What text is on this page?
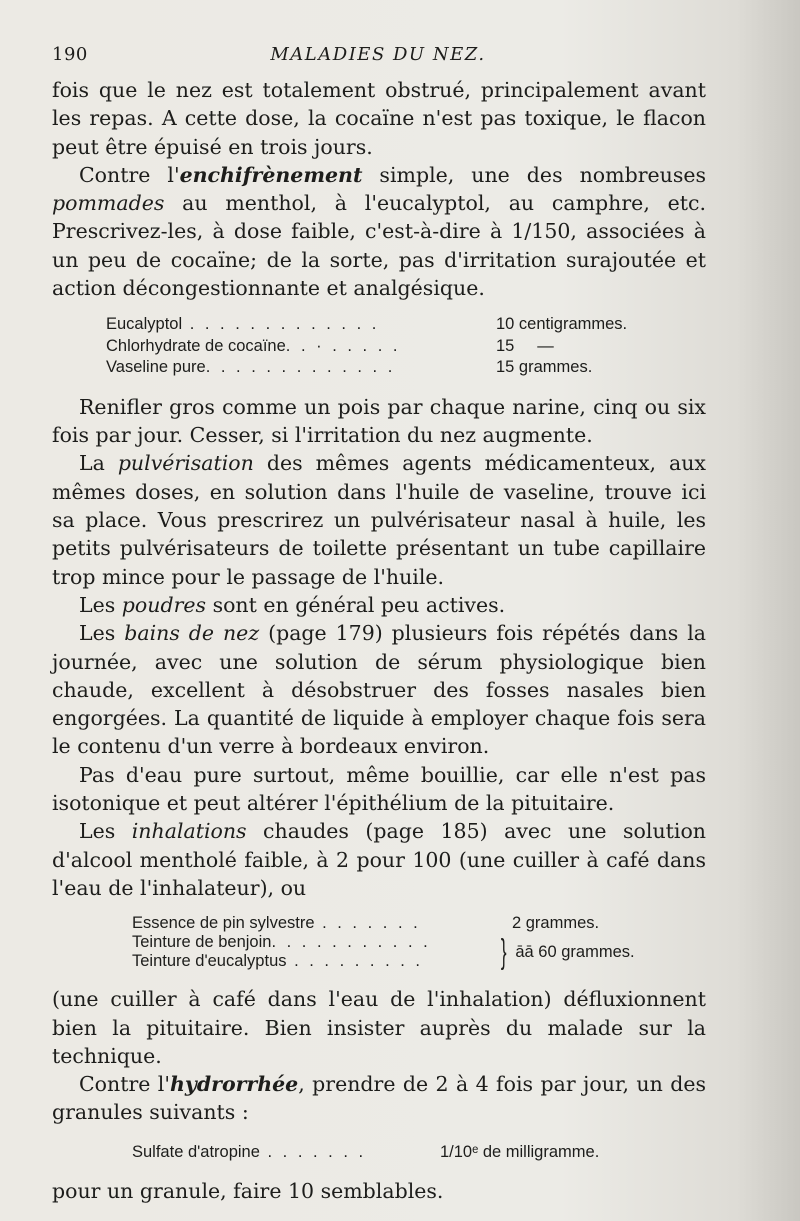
190	MALADIES DU NEZ.

fois que le nez est totalement obstrué, principalement avant les repas. A cette dose, la cocaïne n'est pas toxique, le flacon peut être épuisé en trois jours.

Contre l'enchifrènement simple, une des nombreuses pommades au menthol, à l'eucalyptol, au camphre, etc. Prescrivez-les, à dose faible, c'est-à-dire à 1/150, associées à un peu de cocaïne; de la sorte, pas d'irritation surajoutée et action décongestionnante et analgésique.

Eucalyptol . . . . . . . . . . . . .	10 centigrammes.
Chlorhydrate de cocaïne. . · . . . . .	15     —
Vaseline pure. . . . . . . . . . . . .	15 grammes.

Renifler gros comme un pois par chaque narine, cinq ou six fois par jour. Cesser, si l'irritation du nez augmente.

La pulvérisation des mêmes agents médicamenteux, aux mêmes doses, en solution dans l'huile de vaseline, trouve ici sa place. Vous prescrirez un pulvérisateur nasal à huile, les petits pulvérisateurs de toilette présentant un tube capillaire trop mince pour le passage de l'huile.

Les poudres sont en général peu actives.

Les bains de nez (page 179) plusieurs fois répétés dans la journée, avec une solution de sérum physiologique bien chaude, excellent à désobstruer des fosses nasales bien engorgées. La quantité de liquide à employer chaque fois sera le contenu d'un verre à bordeaux environ.

Pas d'eau pure surtout, même bouillie, car elle n'est pas isotonique et peut altérer l'épithélium de la pituitaire.

Les inhalations chaudes (page 185) avec une solution d'alcool mentholé faible, à 2 pour 100 (une cuiller à café dans l'eau de l'inhalateur), ou

Essence de pin sylvestre . . . . . . .	2 grammes.
Teinture de benjoin. . . . . . . . . . .
Teinture d'eucalyptus . . . . . . . . .	} āā 60 grammes.

(une cuiller à café dans l'eau de l'inhalation) défluxionnent bien la pituitaire. Bien insister auprès du malade sur la technique.

Contre l'hydrorrhée, prendre de 2 à 4 fois par jour, un des granules suivants :

Sulfate d'atropine . . . . . . .	1/10ᵉ de milligramme.

pour un granule, faire 10 semblables.
